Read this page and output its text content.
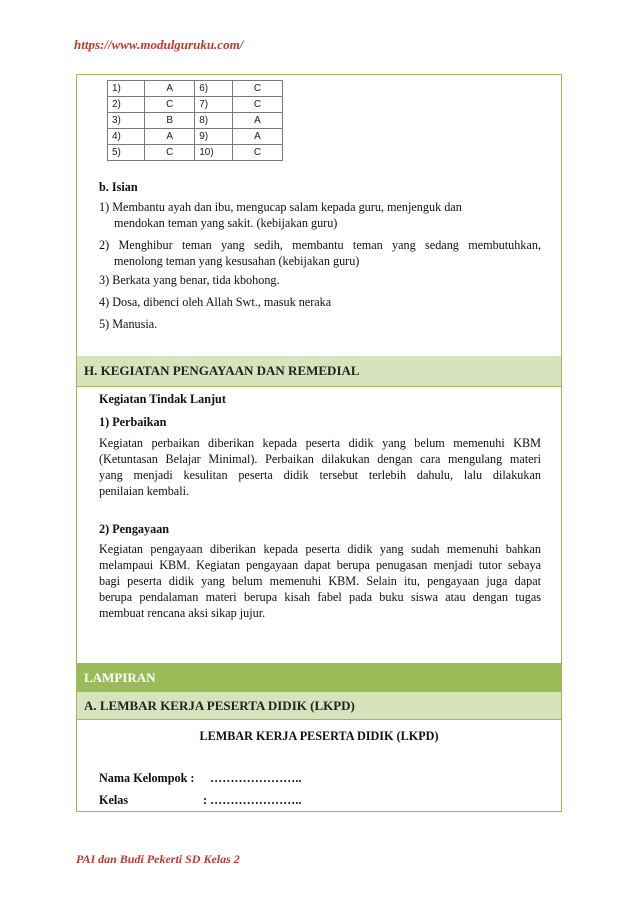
https://www.modulguruku.com/
1)	A	6)	C
2)	C	7)	C
3)	B	8)	A
4)	A	9)	A
5)	C	10)	C
b. Isian
1) Membantu ayah dan ibu, mengucap salam kepada guru, menjenguk dan
mendokan teman yang sakit. (kebijakan guru)
2) Menghibur teman yang sedih, membantu teman yang sedang membutuhkan,
menolong teman yang kesusahan (kebijakan guru)
3) Berkata yang benar, tida kbohong.
4) Dosa, dibenci oleh Allah Swt., masuk neraka
5) Manusia.
H. KEGIATAN PENGAYAAN DAN REMEDIAL
Kegiatan Tindak Lanjut
1) Perbaikan
Kegiatan perbaikan diberikan kepada peserta didik yang belum memenuhi KBM
(Ketuntasan Belajar Minimal). Perbaikan dilakukan dengan cara mengulang materi
yang menjadi kesulitan peserta didik tersebut terlebih dahulu, lalu dilakukan
penilaian kembali.
2) Pengayaan
Kegiatan pengayaan diberikan kepada peserta didik yang sudah memenuhi bahkan
melampaui KBM. Kegiatan pengayaan dapat berupa penugasan menjadi tutor sebaya
bagi peserta didik yang belum memenuhi KBM. Selain itu, pengayaan juga dapat
berupa pendalaman materi berupa kisah fabel pada buku siswa atau dengan tugas
membuat rencana aksi sikap jujur.
LAMPIRAN
A. LEMBAR KERJA PESERTA DIDIK (LKPD)
LEMBAR KERJA PESERTA DIDIK (LKPD)
Nama Kelompok : …………………..
Kelas	: …………………..
PAI dan Budi Pekerti SD Kelas 2
